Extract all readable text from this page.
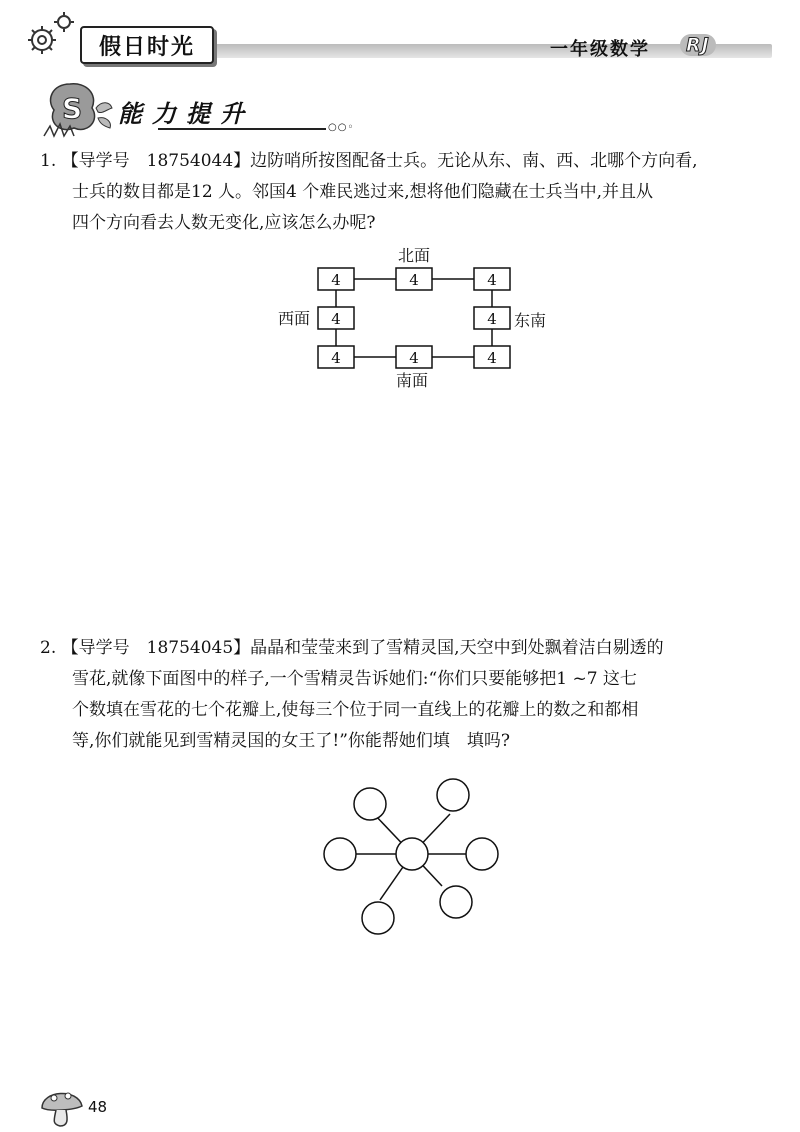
假日时光	一年级数学	RJ
S 能力提升	○○◦

1. 【导学号　18754044】边防哨所按图配备士兵。无论从东、南、西、北哪个方向看,

士兵的数目都是12 人。邻国4 个难民逃过来,想将他们隐藏在士兵当中,并且从

四个方向看去人数无变化,应该怎么办呢?

4	4	4
4	4
4	4	4
北面
南面
西面	东南

2. 【导学号　18754045】晶晶和莹莹来到了雪精灵国,天空中到处飘着洁白剔透的

雪花,就像下面图中的样子,一个雪精灵告诉她们:“你们只要能够把1 ~7 这七

个数填在雪花的七个花瓣上,使每三个位于同一直线上的花瓣上的数之和都相

等,你们就能见到雪精灵国的女王了!”你能帮她们填　填吗?

48
